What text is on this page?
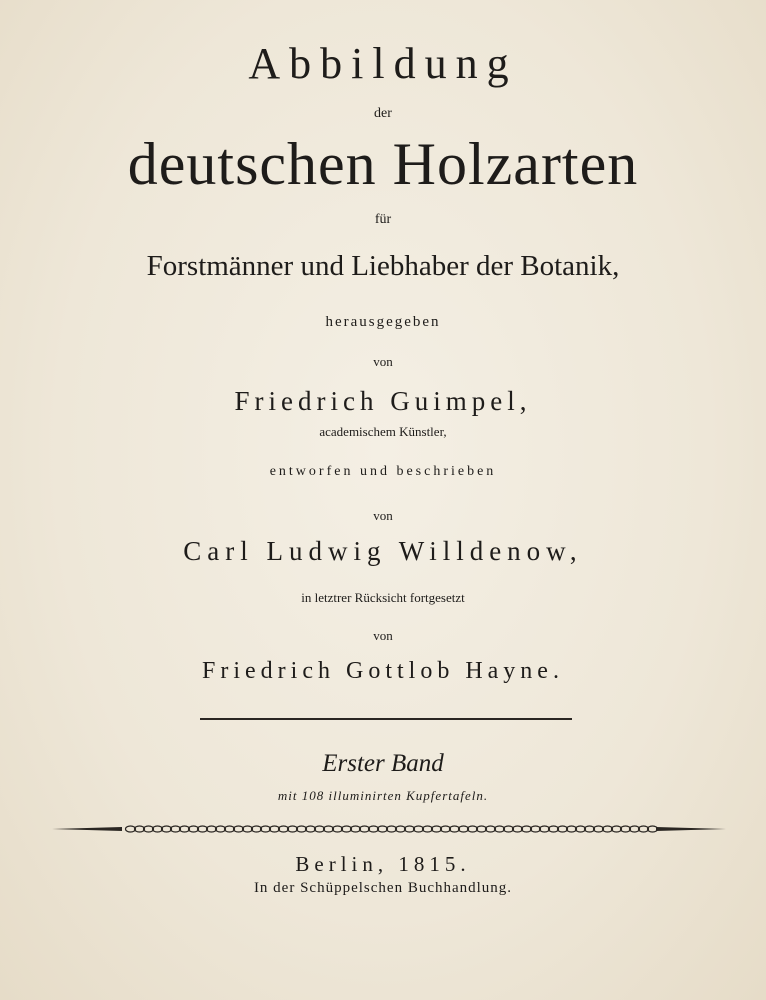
Abbildung
der
deutschen Holzarten
für
Forstmänner und Liebhaber der Botanik,
herausgegeben
von
Friedrich Guimpel,
academischem Künstler,
entworfen und beschrieben
von
Carl Ludwig Willdenow,
in letztrer Rücksicht fortgesetzt
von
Friedrich Gottlob Hayne.
Erster Band
mit 108 illuminirten Kupfertafeln.
Berlin, 1815.
In der Schüppelschen Buchhandlung.
